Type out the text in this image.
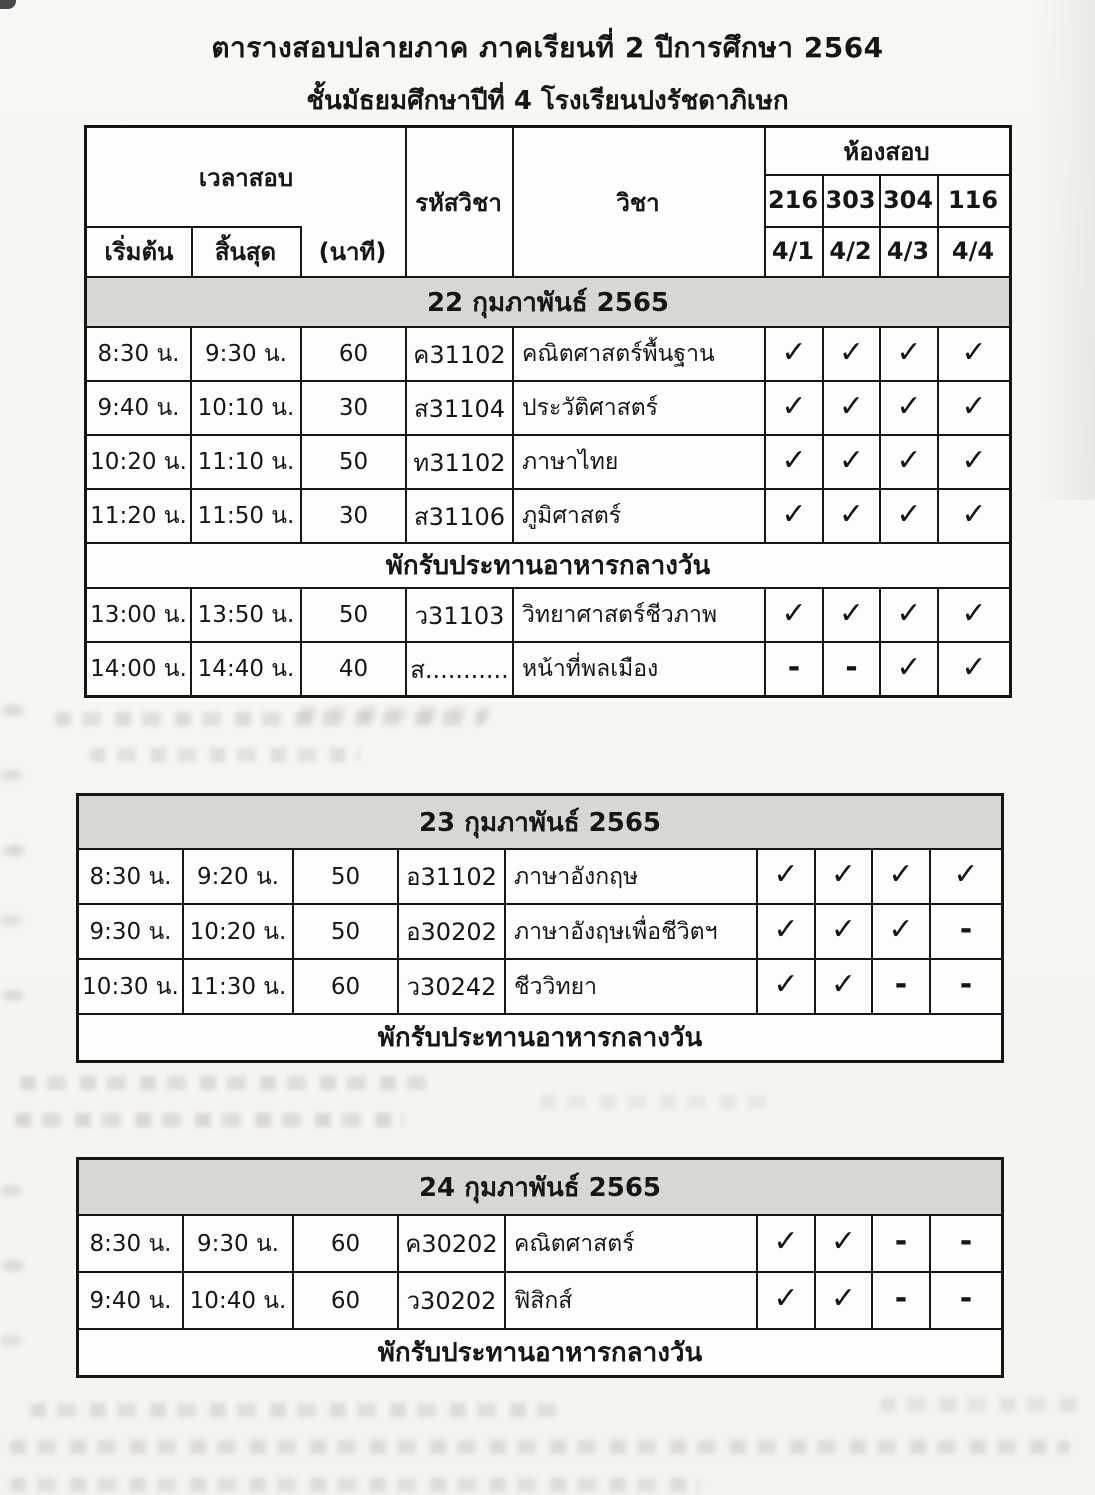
ตารางสอบปลายภาค ภาคเรียนที่ 2 ปีการศึกษา 2564
ชั้นมัธยมศึกษาปีที่ 4 โรงเรียนปงรัชดาภิเษก
เวลาสอบ
เริ่มต้น	สิ้นสุด	(นาที)
รหัสวิชา	วิชา
ห้องสอบ
216 303 304 116
4/1 4/2 4/3 4/4
22 กุมภาพันธ์ 2565
8:30 น.	9:30 น.	60	ค31102 คณิตศาสตร์พื้นฐาน	✓	✓	✓	✓
9:40 น. 10:10 น.	30	ส31104 ประวัติศาสตร์	✓	✓	✓	✓
10:20 น. 11:10 น.	50	ท31102 ภาษาไทย	✓	✓	✓	✓
11:20 น. 11:50 น.	30	ส31106 ภูมิศาสตร์	✓	✓	✓	✓
พักรับประทานอาหารกลางวัน
13:00 น. 13:50 น.	50	ว31103 วิทยาศาสตร์ชีวภาพ	✓	✓	✓	✓
14:00 น. 14:40 น.	40	ส........... หน้าที่พลเมือง	-	-	✓	✓
23 กุมภาพันธ์ 2565
8:30 น.	9:20 น.	50	อ31102 ภาษาอังกฤษ	✓	✓	✓	✓
9:30 น. 10:20 น.	50	อ30202 ภาษาอังฤษเพื่อชีวิตฯ	✓	✓	✓	-
10:30 น. 11:30 น.	60	ว30242 ชีววิทยา	✓	✓	-	-
พักรับประทานอาหารกลางวัน
24 กุมภาพันธ์ 2565
8:30 น.	9:30 น.	60	ค30202 คณิตศาสตร์	✓	✓	-	-
9:40 น. 10:40 น.	60	ว30202 ฟิสิกส์	✓	✓	-	-
พักรับประทานอาหารกลางวัน
